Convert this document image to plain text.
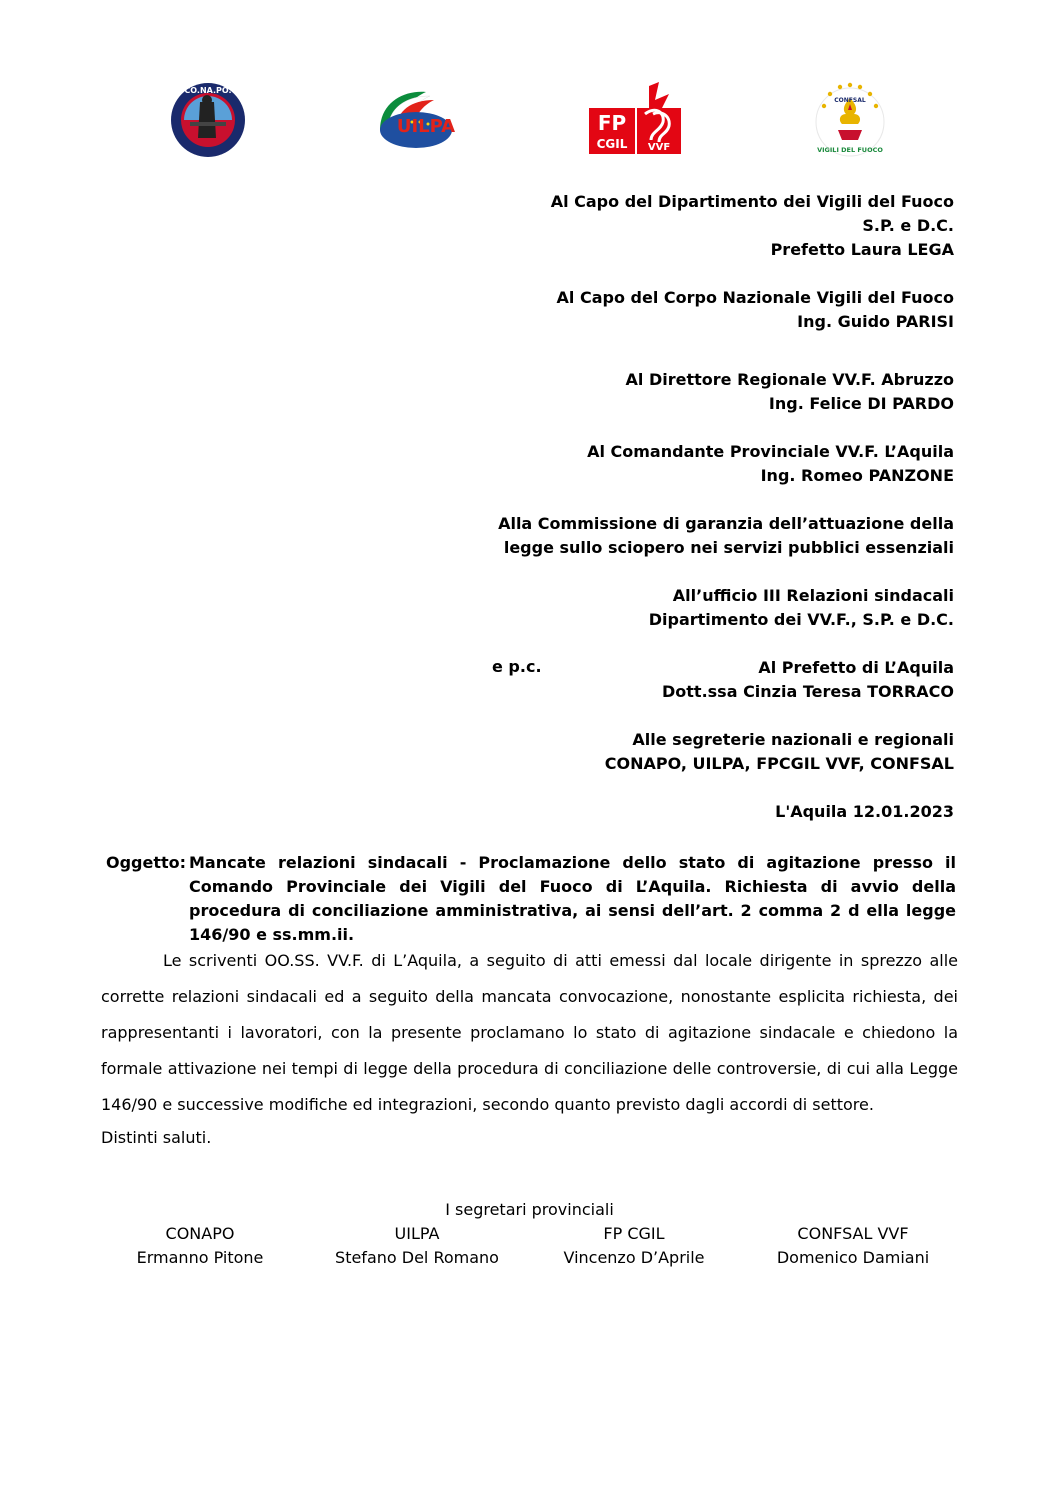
CO.NA.PO.
UILPA	FP
CGIL VVF
CONFSAL
VIGILI DEL FUOCO
Al Capo del Dipartimento dei Vigili del Fuoco
S.P. e D.C.
Prefetto Laura LEGA
Al Capo del Corpo Nazionale Vigili del Fuoco
Ing. Guido PARISI
Al Direttore Regionale VV.F. Abruzzo
Ing. Felice DI PARDO
Al Comandante Provinciale VV.F. L’Aquila
Ing. Romeo PANZONE
Alla Commissione di garanzia dell’attuazione della
legge sullo sciopero nei servizi pubblici essenziali
All’ufficio III Relazioni sindacali
Dipartimento dei VV.F., S.P. e D.C.
Al Prefetto di L’Aquila
Dott.ssa Cinzia Teresa TORRACO
Alle segreterie nazionali e regionali
CONAPO, UILPA, FPCGIL VVF, CONFSAL
e p.c.
L'Aquila 12.01.2023
Oggetto: Mancate relazioni sindacali - Proclamazione dello stato di agitazione presso il Comando Provinciale dei Vigili del Fuoco di L’Aquila. Richiesta di avvio della procedura di conciliazione amministrativa, ai sensi dell’art. 2 comma 2 d ella legge 146/90 e ss.mm.ii.
Le scriventi OO.SS. VV.F. di L’Aquila, a seguito di atti emessi dal locale dirigente in sprezzo alle corrette relazioni sindacali ed a seguito della mancata convocazione, nonostante esplicita richiesta, dei rappresentanti i lavoratori, con la presente proclamano lo stato di agitazione sindacale e chiedono la formale attivazione nei tempi di legge della procedura di conciliazione delle controversie, di cui alla Legge 146/90 e successive modifiche ed integrazioni, secondo quanto previsto dagli accordi di settore.
Distinti saluti.
I segretari provinciali
CONAPO
Ermanno Pitone
UILPA
Stefano Del Romano
FP CGIL
Vincenzo D’Aprile
CONFSAL VVF
Domenico Damiani
